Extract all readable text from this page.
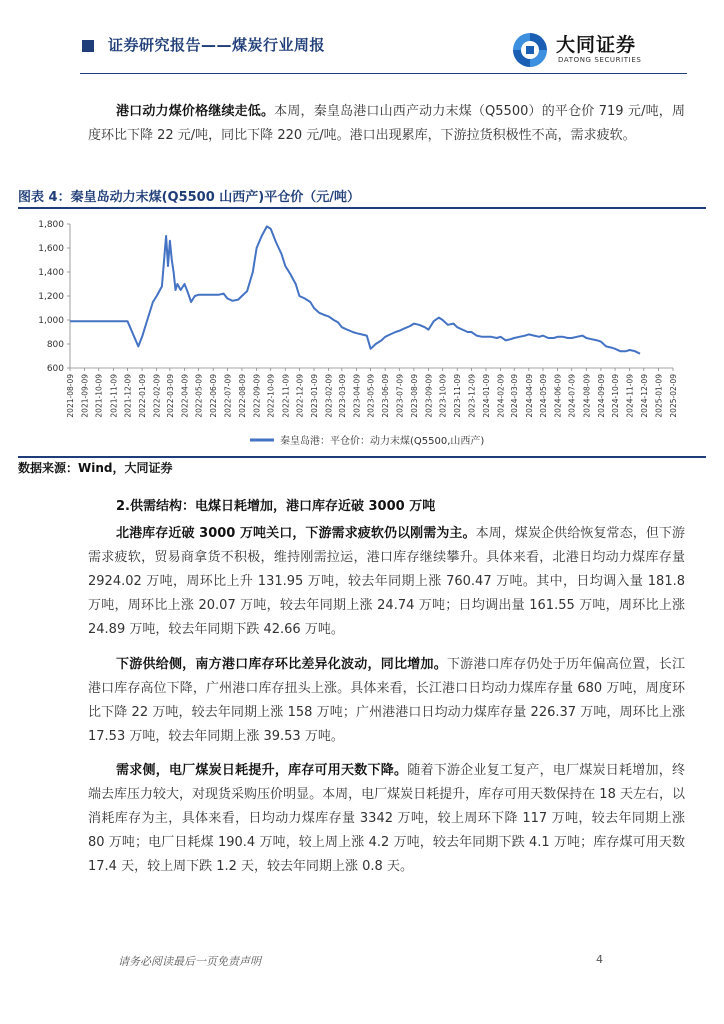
证券研究报告——煤炭行业周报	大同证券
DATONG SECURITIES
港口动力煤价格继续走低。本周，秦皇岛港口山西产动力末煤（Q5500）的平仓价 719 元/吨，周度环比下降 22 元/吨，同比下降 220 元/吨。港口出现累库，下游拉货积极性不高，需求疲软。
图表 4：秦皇岛动力末煤(Q5500 山西产)平仓价（元/吨）
600
800
1,000
1,200
1,400
1,600
1,800
2021-08-09 2021-09-09 2021-10-09 2021-11-09 2021-12-09 2022-01-09 2022-02-09 2022-03-09 2022-04-09 2022-05-09 2022-06-09 2022-07-09 2022-08-09 2022-09-09 2022-10-09 2022-11-09 2022-12-09 2023-01-09 2023-02-09 2023-03-09 2023-04-09 2023-05-09 2023-06-09 2023-07-09 2023-08-09 2023-09-09 2023-10-09 2023-11-09 2023-12-09 2024-01-09 2024-02-09 2024-03-09 2024-04-09 2024-05-09 2024-06-09 2024-07-09 2024-08-09 2024-09-09 2024-10-09 2024-11-09 2024-12-09 2025-01-09 2025-02-09
秦皇岛港：平仓价：动力末煤(Q5500,山西产)
数据来源：Wind，大同证券
2.供需结构：电煤日耗增加，港口库存近破 3000 万吨
北港库存近破 3000 万吨关口，下游需求疲软仍以刚需为主。本周，煤炭企供给恢复常态，但下游需求疲软，贸易商拿货不积极，维持刚需拉运，港口库存继续攀升。具体来看，北港日均动力煤库存量 2924.02 万吨，周环比上升 131.95 万吨，较去年同期上涨 760.47 万吨。其中，日均调入量 181.8 万吨，周环比上涨 20.07 万吨，较去年同期上涨 24.74 万吨；日均调出量 161.55 万吨，周环比上涨 24.89 万吨，较去年同期下跌 42.66 万吨。
下游供给侧，南方港口库存环比差异化波动，同比增加。下游港口库存仍处于历年偏高位置，长江港口库存高位下降，广州港口库存扭头上涨。具体来看，长江港口日均动力煤库存量 680 万吨，周度环比下降 22 万吨，较去年同期上涨 158 万吨；广州港港口日均动力煤库存量 226.37 万吨，周环比上涨 17.53 万吨，较去年同期上涨 39.53 万吨。
需求侧，电厂煤炭日耗提升，库存可用天数下降。随着下游企业复工复产，电厂煤炭日耗增加，终端去库压力较大，对现货采购压价明显。本周，电厂煤炭日耗提升，库存可用天数保持在 18 天左右，以消耗库存为主，具体来看，日均动力煤库存量 3342 万吨，较上周环下降 117 万吨，较去年同期上涨 80 万吨；电厂日耗煤 190.4 万吨，较上周上涨 4.2 万吨，较去年同期下跌 4.1 万吨；库存煤可用天数 17.4 天，较上周下跌 1.2 天，较去年同期上涨 0.8 天。
请务必阅读最后一页免责声明	4
